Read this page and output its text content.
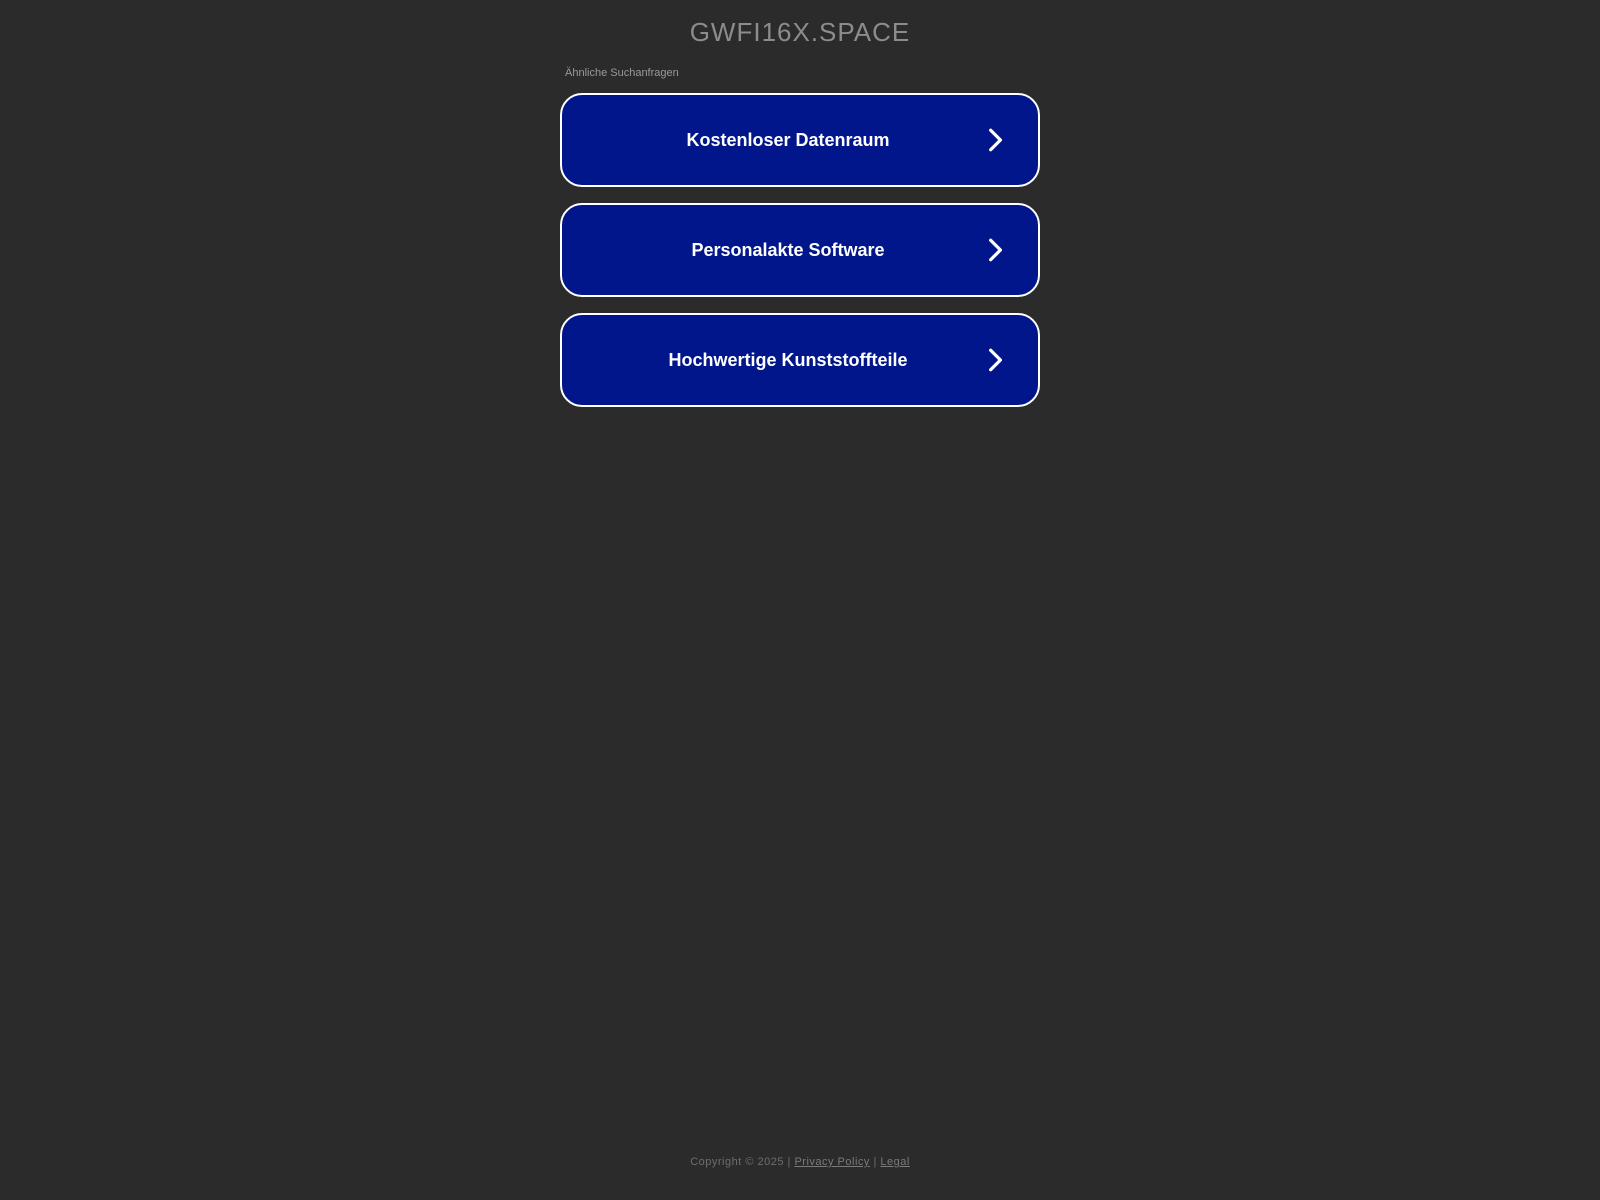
GWFI16X.SPACE
Ähnliche Suchanfragen
Kostenloser Datenraum
Personalakte Software
Hochwertige Kunststoffteile
Copyright © 2025 | Privacy Policy | Legal
